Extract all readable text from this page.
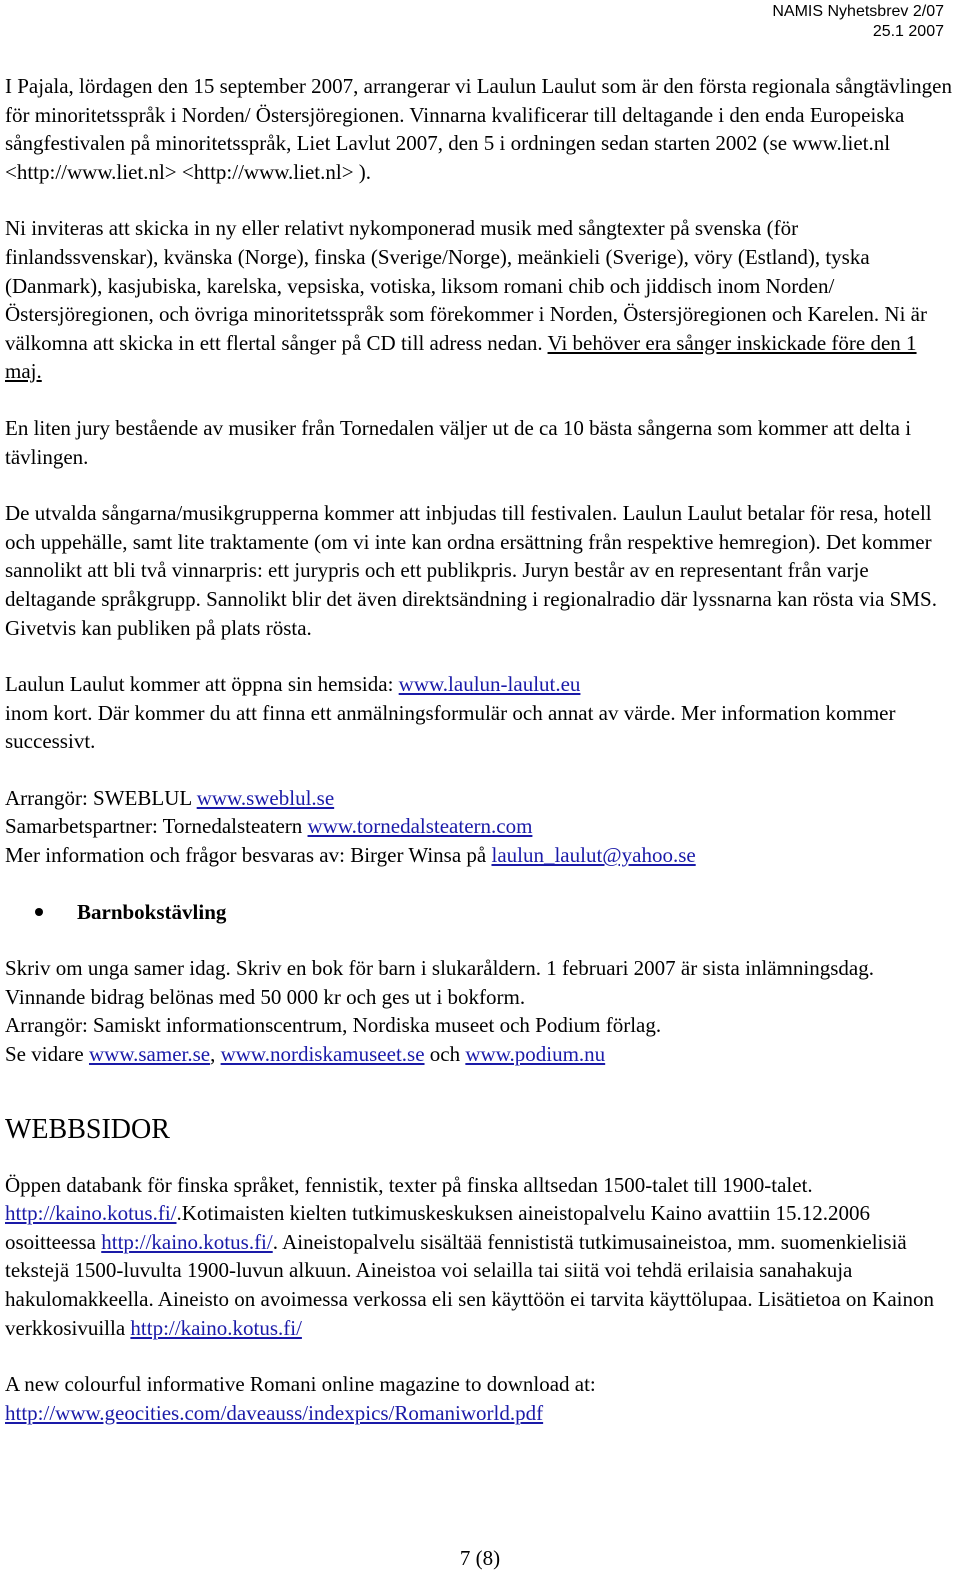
NAMIS Nyhetsbrev 2/07
25.1 2007

I Pajala, lördagen den 15 september 2007, arrangerar vi Laulun Laulut som är den första regionala sångtävlingen för minoritetsspråk i Norden/ Östersjöregionen. Vinnarna kvalificerar till deltagande i den enda Europeiska sångfestivalen på minoritetsspråk, Liet Lavlut 2007, den 5 i ordningen sedan starten 2002 (se www.liet.nl <http://www.liet.nl> <http://www.liet.nl> ).

Ni inviteras att skicka in ny eller relativt nykomponerad musik med sångtexter på svenska (för finlandssvenskar), kvänska (Norge), finska (Sverige/Norge), meänkieli (Sverige), vöry (Estland), tyska (Danmark), kasjubiska, karelska, vepsiska, votiska, liksom romani chib och jiddisch inom Norden/Östersjöregionen, och övriga minoritetsspråk som förekommer i Norden, Östersjöregionen och Karelen. Ni är välkomna att skicka in ett flertal sånger på CD till adress nedan. Vi behöver era sånger inskickade före den 1 maj.

En liten jury bestående av musiker från Tornedalen väljer ut de ca 10 bästa sångerna som kommer att delta i tävlingen.

De utvalda sångarna/musikgrupperna kommer att inbjudas till festivalen. Laulun Laulut betalar för resa, hotell och uppehälle, samt lite traktamente (om vi inte kan ordna ersättning från respektive hemregion). Det kommer sannolikt att bli två vinnarpris: ett jurypris och ett publikpris. Juryn består av en representant från varje deltagande språkgrupp. Sannolikt blir det även direktsändning i regionalradio där lyssnarna kan rösta via SMS. Givetvis kan publiken på plats rösta.

Laulun Laulut kommer att öppna sin hemsida: www.laulun-laulut.eu
inom kort. Där kommer du att finna ett anmälningsformulär och annat av värde. Mer information kommer successivt.

Arrangör: SWEBLUL www.sweblul.se
Samarbetspartner: Tornedalsteatern www.tornedalsteatern.com
Mer information och frågor besvaras av: Birger Winsa på laulun_laulut@yahoo.se

Barnbokstävling

Skriv om unga samer idag. Skriv en bok för barn i slukaråldern. 1 februari 2007 är sista inlämningsdag. Vinnande bidrag belönas med 50 000 kr och ges ut i bokform.
Arrangör: Samiskt informationscentrum, Nordiska museet och Podium förlag.
Se vidare www.samer.se, www.nordiskamuseet.se och www.podium.nu

WEBBSIDOR

Öppen databank för finska språket, fennistik, texter på finska alltsedan 1500-talet till 1900-talet. http://kaino.kotus.fi/.Kotimaisten kielten tutkimuskeskuksen aineistopalvelu Kaino avattiin 15.12.2006 osoitteessa http://kaino.kotus.fi/. Aineistopalvelu sisältää fennististä tutkimusaineistoa, mm. suomenkielisiä tekstejä 1500-luvulta 1900-luvun alkuun. Aineistoa voi selailla tai siitä voi tehdä erilaisia sanahakuja hakulomakkeella. Aineisto on avoimessa verkossa eli sen käyttöön ei tarvita käyttölupaa. Lisätietoa on Kainon verkkosivuilla http://kaino.kotus.fi/

A new colourful informative Romani online magazine to download at:
http://www.geocities.com/daveauss/indexpics/Romaniworld.pdf

7 (8)
